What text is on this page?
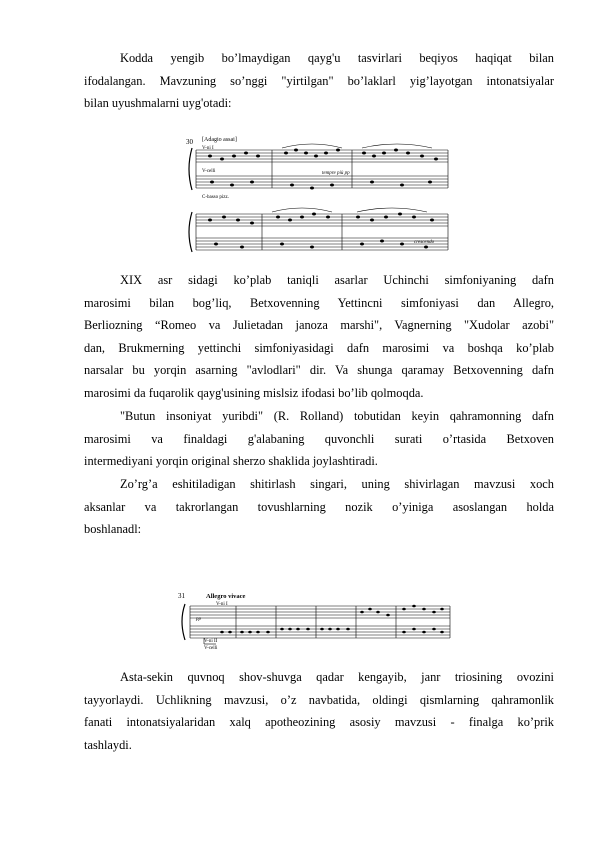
Kodda yengib bo’lmaydigan qayg'u tasvirlari beqiyos haqiqat bilan
ifodalangan. Mavzuning so’nggi "yirtilgan" bo’laklarl yig’layotgan intonatsiyalar
bilan uyushmalarni uyg'otadi:
30 [Adagio assai]
V-ni I
V-celli
C-basso pizz.
tempre più pp
crescendo
XIX asr sidagi ko’plab taniqli asarlar Uchinchi simfoniyaning dafn
marosimi bilan bog’liq, Betxovenning Yettincni simfoniyasi dan Allegro,
Berliozning “Romeo va Julietadan janoza marshi", Vagnerning "Xudolar azobi"
dan, Brukmerning yettinchi simfoniyasidagi dafn marosimi va boshqa ko’plab
narsalar bu yorqin asarning "avlodlari" dir. Va shunga qaramay Betxovenning dafn
marosimi da fuqarolik qayg'usining mislsiz ifodasi bo’lib qolmoqda.
"Butun insoniyat yuribdi" (R. Rolland) tobutidan keyin qahramonning dafn
marosimi va finaldagi g'alabaning quvonchli surati o’rtasida Betxoven
intermediyani yorqin original sherzo shaklida joylashtiradi.
Zo’rg’a eshitiladigan shitirlash singari, uning shivirlagan mavzusi xoch
aksanlar va takrorlangan tovushlarning nozik o’yiniga asoslangan holda
boshlanadl:
31	Allegro vivace
V-ni I
V-ni II
V-celli
pp
Asta-sekin quvnoq shov-shuvga qadar kengayib, janr triosining ovozini
tayyorlaydi. Uchlikning mavzusi, o’z navbatida, oldingi qismlarning qahramonlik
fanati intonatsiyalaridan xalq apotheozining asosiy mavzusi - finalga ko’prik
tashlaydi.
